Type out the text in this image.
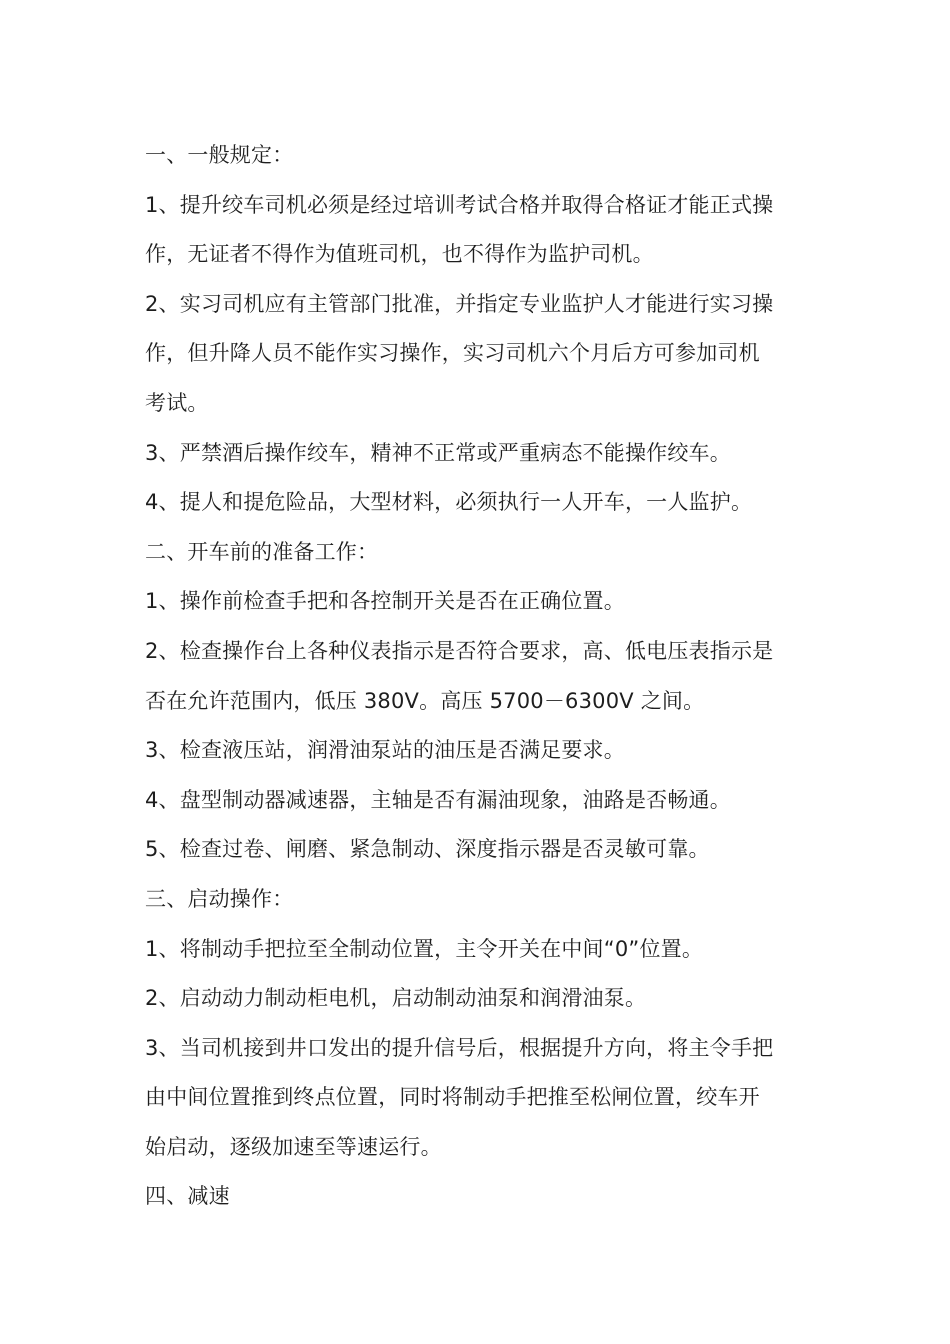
一、一般规定：
1、提升绞车司机必须是经过培训考试合格并取得合格证才能正式操
作，无证者不得作为值班司机，也不得作为监护司机。
2、实习司机应有主管部门批准，并指定专业监护人才能进行实习操
作，但升降人员不能作实习操作，实习司机六个月后方可参加司机
考试。
3、严禁酒后操作绞车，精神不正常或严重病态不能操作绞车。
4、提人和提危险品，大型材料，必须执行一人开车，一人监护。
二、开车前的准备工作：
1、操作前检查手把和各控制开关是否在正确位置。
2、检查操作台上各种仪表指示是否符合要求，高、低电压表指示是
否在允许范围内，低压 380V。高压 5700－6300V 之间。
3、检查液压站，润滑油泵站的油压是否满足要求。
4、盘型制动器减速器，主轴是否有漏油现象，油路是否畅通。
5、检查过卷、闸磨、紧急制动、深度指示器是否灵敏可靠。
三、启动操作：
1、将制动手把拉至全制动位置，主令开关在中间“0”位置。
2、启动动力制动柜电机，启动制动油泵和润滑油泵。
3、当司机接到井口发出的提升信号后，根据提升方向，将主令手把
由中间位置推到终点位置，同时将制动手把推至松闸位置，绞车开
始启动，逐级加速至等速运行。
四、减速
